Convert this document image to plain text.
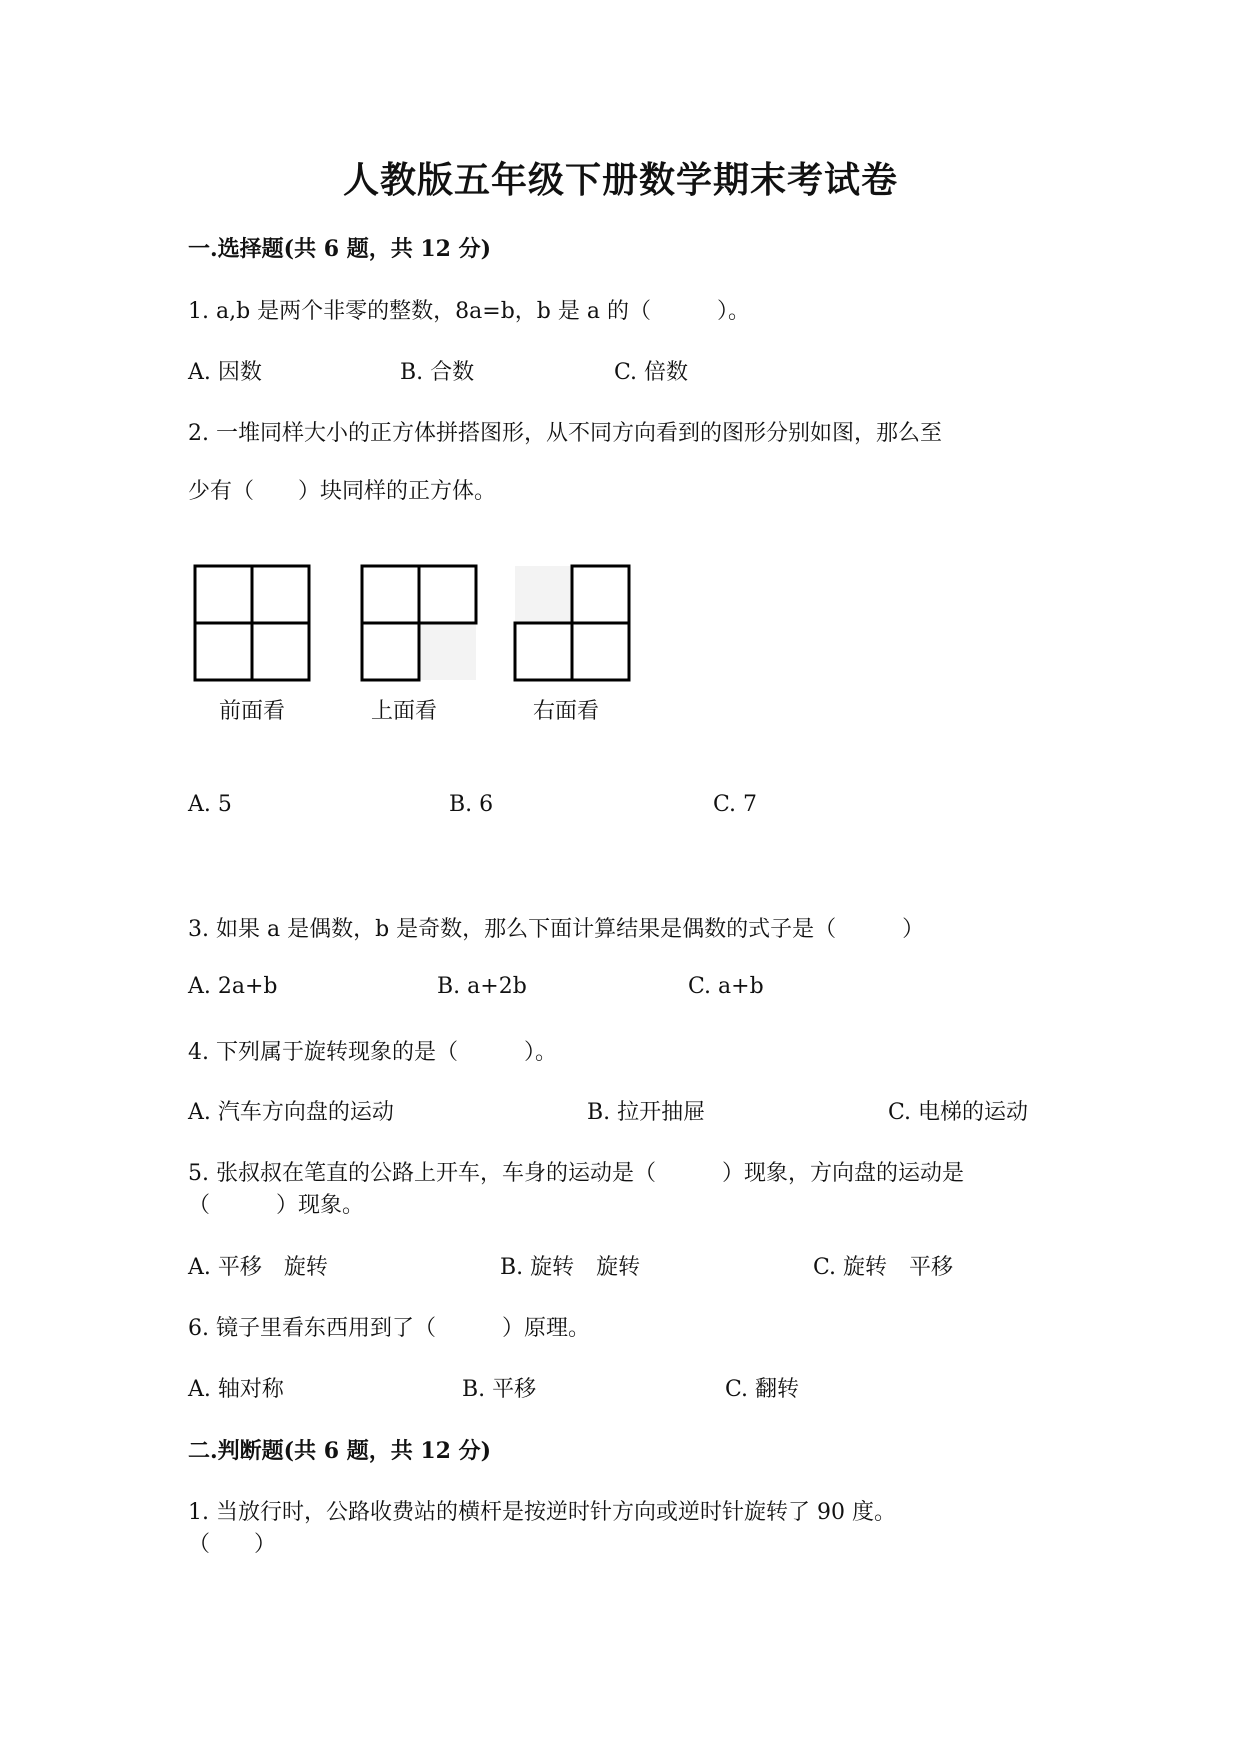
人教版五年级下册数学期末考试卷
一.选择题(共 6 题，共 12 分)
1. a,b 是两个非零的整数，8a=b，b 是 a 的（　　　）。
A. 因数	B. 合数	C. 倍数
2. 一堆同样大小的正方体拼搭图形，从不同方向看到的图形分别如图，那么至
少有（　　）块同样的正方体。
前面看	上面看	右面看
A. 5	B. 6	C. 7
3. 如果 a 是偶数，b 是奇数，那么下面计算结果是偶数的式子是（　　　）
A. 2a+b	B. a+2b	C. a+b
4. 下列属于旋转现象的是（　　　）。
A. 汽车方向盘的运动	B. 拉开抽屉	C. 电梯的运动
5. 张叔叔在笔直的公路上开车，车身的运动是（　　　）现象，方向盘的运动是
（　　　）现象。
A. 平移　旋转	B. 旋转　旋转	C. 旋转　平移
6. 镜子里看东西用到了（　　　）原理。
A. 轴对称	B. 平移	C. 翻转
二.判断题(共 6 题，共 12 分)
1. 当放行时，公路收费站的横杆是按逆时针方向或逆时针旋转了 90 度。
（　　）
